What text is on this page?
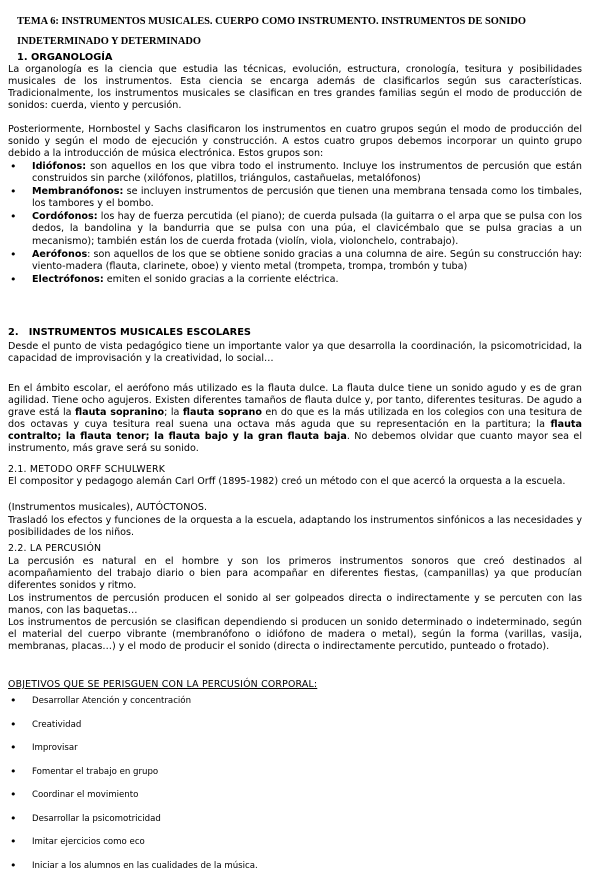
TEMA 6: INSTRUMENTOS MUSICALES. CUERPO COMO INSTRUMENTO. INSTRUMENTOS DE SONIDO
INDETERMINADO Y DETERMINADO
1. ORGANOLOGÍA
La organología es la ciencia que estudia las técnicas, evolución, estructura, cronología, tesitura y posibilidades musicales de los instrumentos. Esta ciencia se encarga además de clasificarlos según sus características. Tradicionalmente, los instrumentos musicales se clasifican en tres grandes familias según el modo de producción de sonidos: cuerda, viento y percusión.
Posteriormente, Hornbostel y Sachs clasificaron los instrumentos en cuatro grupos según el modo de producción del sonido y según el modo de ejecución y construcción. A estos cuatro grupos debemos incorporar un quinto grupo debido a la introducción de música electrónica. Estos grupos son:
• Idiófonos: son aquellos en los que vibra todo el instrumento. Incluye los instrumentos de percusión que están construidos sin parche (xilófonos, platillos, triángulos, castañuelas, metalófonos)
• Membranófonos: se incluyen instrumentos de percusión que tienen una membrana tensada como los timbales, los tambores y el bombo.
• Cordófonos: los hay de fuerza percutida (el piano); de cuerda pulsada (la guitarra o el arpa que se pulsa con los dedos, la bandolina y la bandurria que se pulsa con una púa, el clavicémbalo que se pulsa gracias a un mecanismo); también están los de cuerda frotada (violín, viola, violonchelo, contrabajo).
• Aerófonos: son aquellos de los que se obtiene sonido gracias a una columna de aire. Según su construcción hay: viento-madera (flauta, clarinete, oboe) y viento metal (trompeta, trompa, trombón y tuba)
• Electrófonos: emiten el sonido gracias a la corriente eléctrica.
2. INSTRUMENTOS MUSICALES ESCOLARES
Desde el punto de vista pedagógico tiene un importante valor ya que desarrolla la coordinación, la psicomotricidad, la capacidad de improvisación y la creatividad, lo social…
En el ámbito escolar, el aerófono más utilizado es la flauta dulce. La flauta dulce tiene un sonido agudo y es de gran agilidad. Tiene ocho agujeros. Existen diferentes tamaños de flauta dulce y, por tanto, diferentes tesituras. De agudo a grave está la flauta sopranino; la flauta soprano en do que es la más utilizada en los colegios con una tesitura de dos octavas y cuya tesitura real suena una octava más aguda que su representación en la partitura; la flauta contralto; la flauta tenor; la flauta bajo y la gran flauta baja. No debemos olvidar que cuanto mayor sea el instrumento, más grave será su sonido.
2.1. METODO ORFF SCHULWERK
El compositor y pedagogo alemán Carl Orff (1895-1982) creó un método con el que acercó la orquesta a la escuela.
(Instrumentos musicales), AUTÓCTONOS.
Trasladó los efectos y funciones de la orquesta a la escuela, adaptando los instrumentos sinfónicos a las necesidades y posibilidades de los niños.
2.2. LA PERCUSIÓN
La percusión es natural en el hombre y son los primeros instrumentos sonoros que creó destinados al acompañamiento del trabajo diario o bien para acompañar en diferentes fiestas, (campanillas) ya que producían diferentes sonidos y ritmo.
Los instrumentos de percusión producen el sonido al ser golpeados directa o indirectamente y se percuten con las manos, con las baquetas…
Los instrumentos de percusión se clasifican dependiendo si producen un sonido determinado o indeterminado, según el material del cuerpo vibrante (membranófono o idiófono de madera o metal), según la forma (varillas, vasija, membranas, placas…) y el modo de producir el sonido (directa o indirectamente percutido, punteado o frotado).
OBJETIVOS QUE SE PERISGUEN CON LA PERCUSIÓN CORPORAL:
• Desarrollar Atención y concentración
• Creatividad
• Improvisar
• Fomentar el trabajo en grupo
• Coordinar el movimiento
• Desarrollar la psicomotricidad
• Imitar ejercicios como eco
• Iniciar a los alumnos en las cualidades de la música.
